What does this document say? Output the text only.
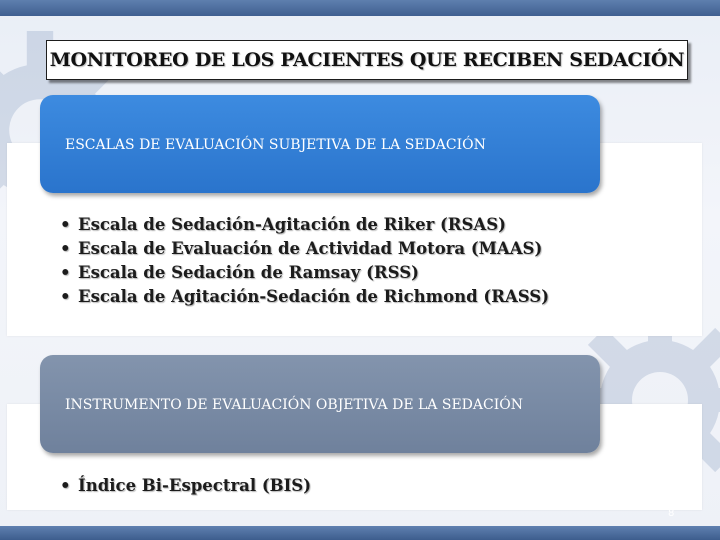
MONITOREO DE LOS PACIENTES QUE RECIBEN SEDACIÓN
ESCALAS DE EVALUACIÓN SUBJETIVA DE LA SEDACIÓN
• Escala de Sedación-Agitación de Riker (RSAS)
• Escala de Evaluación de Actividad Motora (MAAS)
• Escala de Sedación de Ramsay (RSS)
• Escala de Agitación-Sedación de Richmond (RASS)
INSTRUMENTO DE EVALUACIÓN OBJETIVA DE LA SEDACIÓN
• Índice Bi-Espectral (BIS)
8
